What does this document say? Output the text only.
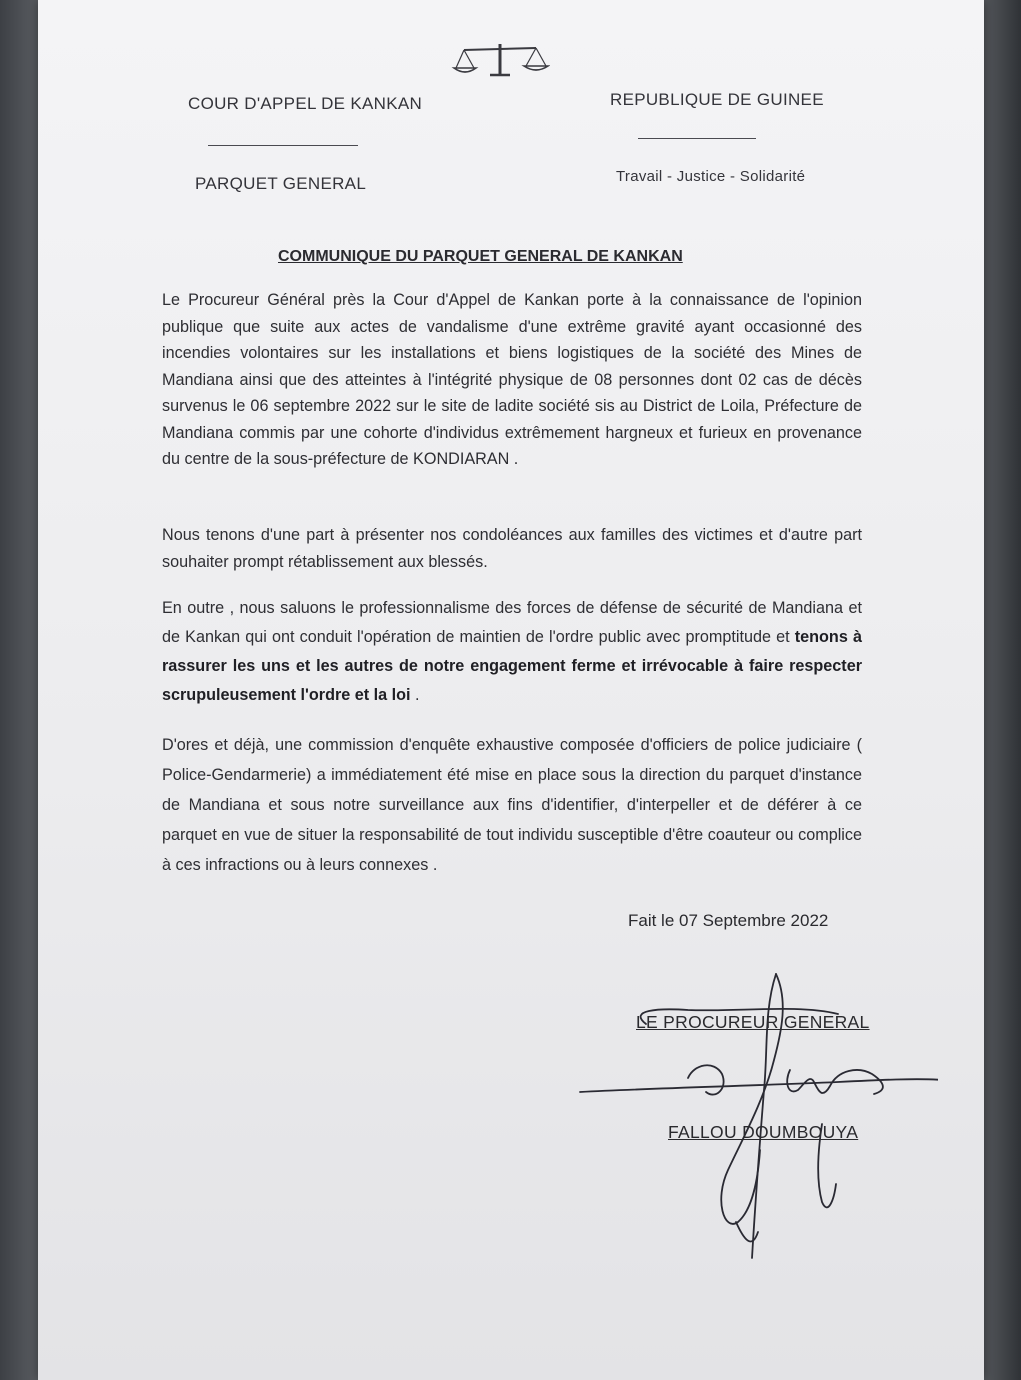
COUR D'APPEL DE KANKAN	REPUBLIQUE DE GUINEE
PARQUET GENERAL	Travail - Justice - Solidarité
COMMUNIQUE DU PARQUET GENERAL DE KANKAN
Le Procureur Général près la Cour d'Appel de Kankan porte à la connaissance de l'opinion publique que suite aux actes de vandalisme d'une extrême gravité ayant occasionné des incendies volontaires sur les installations et biens logistiques de la société des Mines de Mandiana ainsi que des atteintes à l'intégrité physique de 08 personnes dont 02 cas de décès survenus le 06 septembre 2022 sur le site de ladite société sis au District de Loila, Préfecture de Mandiana commis par une cohorte d'individus extrêmement hargneux et furieux en provenance du centre de la sous-préfecture de KONDIARAN .
Nous tenons d'une part à présenter nos condoléances aux familles des victimes et d'autre part souhaiter prompt rétablissement aux blessés.
En outre , nous saluons le professionnalisme des forces de défense de sécurité de Mandiana et de Kankan qui ont conduit l'opération de maintien de l'ordre public avec promptitude et tenons à rassurer les uns et les autres de notre engagement ferme et irrévocable à faire respecter scrupuleusement l'ordre et la loi .
D'ores et déjà, une commission d'enquête exhaustive composée d'officiers de police judiciaire ( Police-Gendarmerie) a immédiatement été mise en place sous la direction du parquet d'instance de Mandiana et sous notre surveillance aux fins d'identifier, d'interpeller et de déférer à ce parquet en vue de situer la responsabilité de tout individu susceptible d'être coauteur ou complice à ces infractions ou à leurs connexes .
Fait le 07 Septembre 2022
LE PROCUREUR GENERAL
FALLOU DOUMBOUYA
